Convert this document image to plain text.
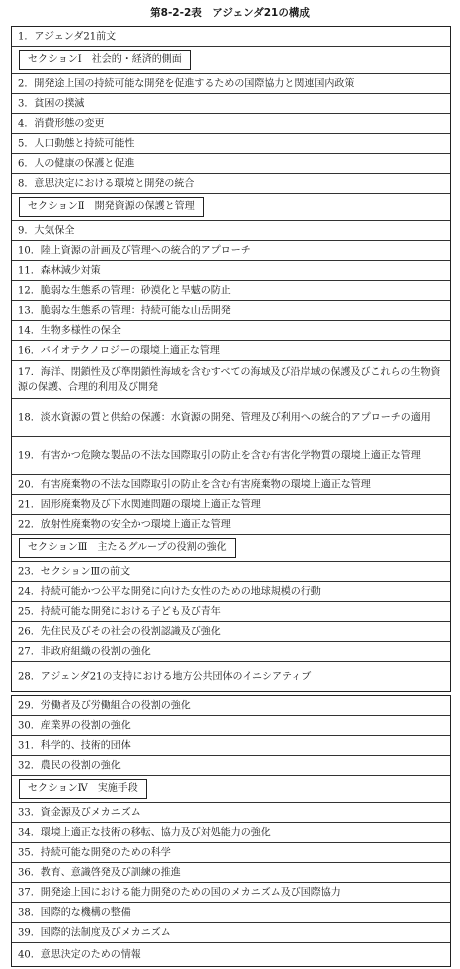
第8-2-2表　アジェンダ21の構成
1．アジェンダ21前文
セクションⅠ　社会的・経済的側面
2．開発途上国の持続可能な開発を促進するための国際協力と関連国内政策
3．貧困の撲滅
4．消費形態の変更
5．人口動態と持続可能性
6．人の健康の保護と促進
8．意思決定における環境と開発の統合
セクションⅡ　開発資源の保護と管理
9．大気保全
10．陸上資源の計画及び管理への統合的アプローチ
11．森林減少対策
12．脆弱な生態系の管理：砂漠化と旱魃の防止
13．脆弱な生態系の管理：持続可能な山岳開発
14．生物多様性の保全
16．バイオテクノロジーの環境上適正な管理
17．海洋、閉鎖性及び準閉鎖性海域を含むすべての海域及び沿岸域の保護及びこれらの生物資源の保護、合理的利用及び開発
18．淡水資源の質と供給の保護：水資源の開発、管理及び利用への統合的アプローチの適用
19．有害かつ危険な製品の不法な国際取引の防止を含む有害化学物質の環境上適正な管理
20．有害廃棄物の不法な国際取引の防止を含む有害廃棄物の環境上適正な管理
21．固形廃棄物及び下水関連問題の環境上適正な管理
22．放射性廃棄物の安全かつ環境上適正な管理
セクションⅢ　主たるグループの役割の強化
23．セクションⅢの前文
24．持続可能かつ公平な開発に向けた女性のための地球規模の行動
25．持続可能な開発における子ども及び青年
26．先住民及びその社会の役割認識及び強化
27．非政府組織の役割の強化
28．アジェンダ21の支持における地方公共団体のイニシアティブ
29．労働者及び労働組合の役割の強化
30．産業界の役割の強化
31．科学的、技術的団体
32．農民の役割の強化
セクションⅣ　実施手段
33．資金源及びメカニズム
34．環境上適正な技術の移転、協力及び対処能力の強化
35．持続可能な開発のための科学
36．教育、意識啓発及び訓練の推進
37．開発途上国における能力開発のための国のメカニズム及び国際協力
38．国際的な機構の整備
39．国際的法制度及びメカニズム
40．意思決定のための情報
